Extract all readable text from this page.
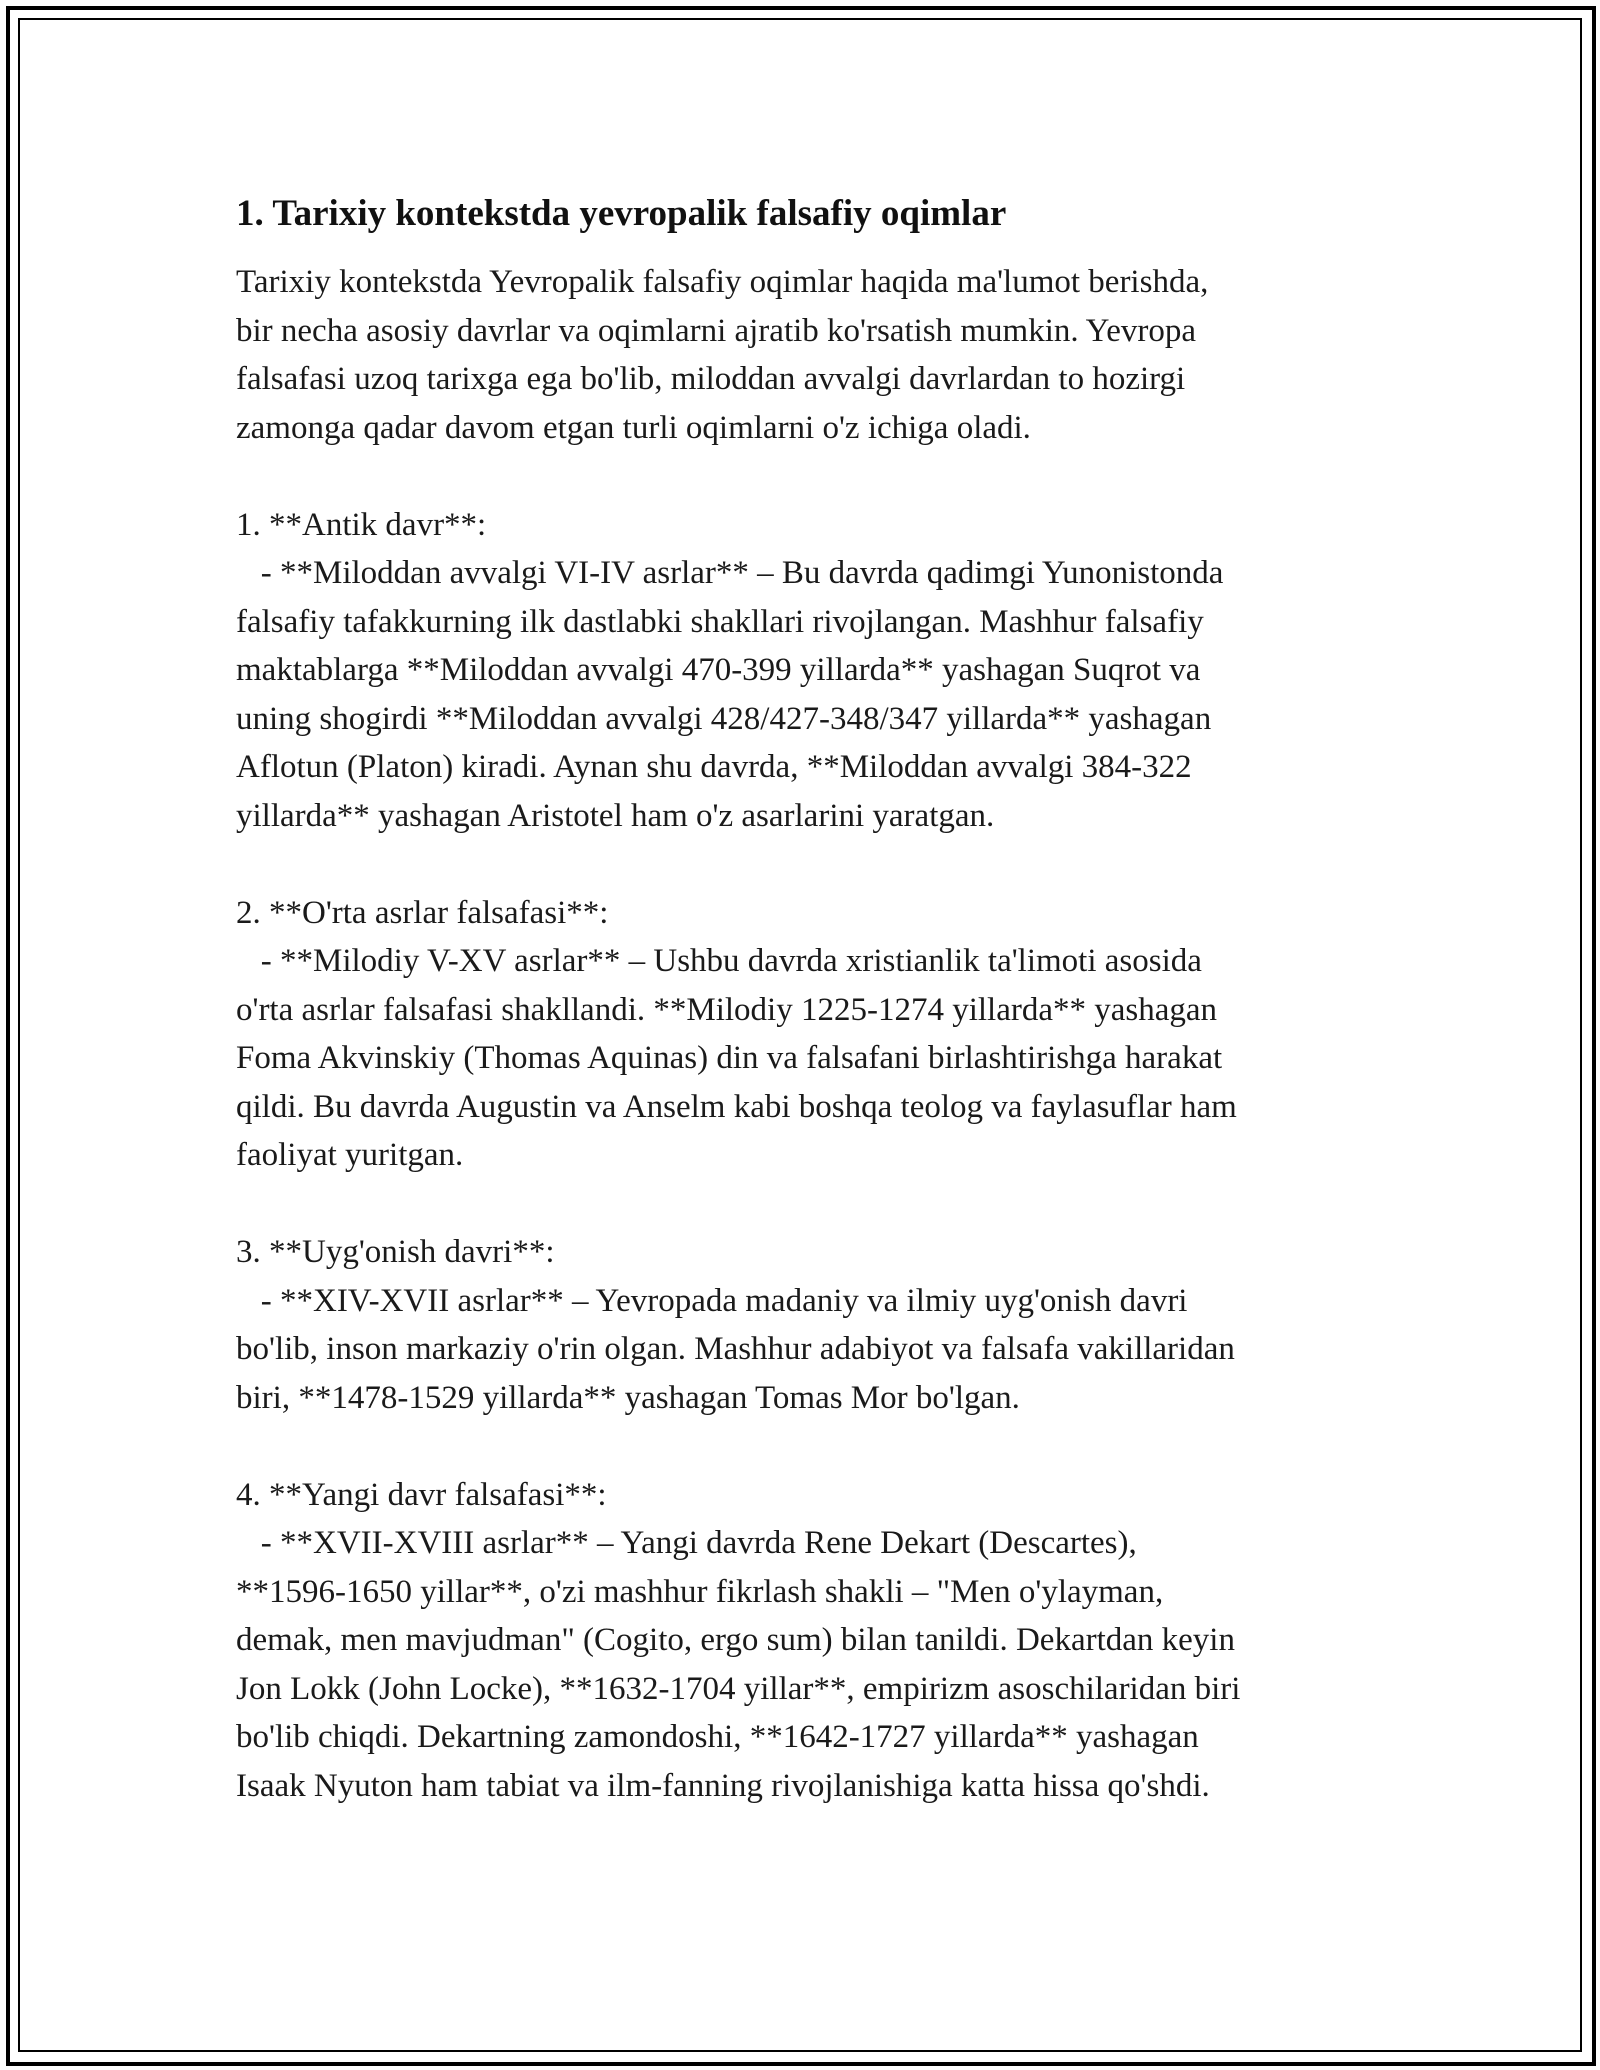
1. Tarixiy kontekstda yevropalik falsafiy oqimlar
Tarixiy kontekstda Yevropalik falsafiy oqimlar haqida ma'lumot berishda,
bir necha asosiy davrlar va oqimlarni ajratib ko'rsatish mumkin. Yevropa
falsafasi uzoq tarixga ega bo'lib, miloddan avvalgi davrlardan to hozirgi
zamonga qadar davom etgan turli oqimlarni o'z ichiga oladi.
1. **Antik davr**:
- **Miloddan avvalgi VI-IV asrlar** – Bu davrda qadimgi Yunonistonda
falsafiy tafakkurning ilk dastlabki shakllari rivojlangan. Mashhur falsafiy
maktablarga **Miloddan avvalgi 470-399 yillarda** yashagan Suqrot va
uning shogirdi **Miloddan avvalgi 428/427-348/347 yillarda** yashagan
Aflotun (Platon) kiradi. Aynan shu davrda, **Miloddan avvalgi 384-322
yillarda** yashagan Aristotel ham o'z asarlarini yaratgan.
2. **O'rta asrlar falsafasi**:
- **Milodiy V-XV asrlar** – Ushbu davrda xristianlik ta'limoti asosida
o'rta asrlar falsafasi shakllandi. **Milodiy 1225-1274 yillarda** yashagan
Foma Akvinskiy (Thomas Aquinas) din va falsafani birlashtirishga harakat
qildi. Bu davrda Augustin va Anselm kabi boshqa teolog va faylasuflar ham
faoliyat yuritgan.
3. **Uyg'onish davri**:
- **XIV-XVII asrlar** – Yevropada madaniy va ilmiy uyg'onish davri
bo'lib, inson markaziy o'rin olgan. Mashhur adabiyot va falsafa vakillaridan
biri, **1478-1529 yillarda** yashagan Tomas Mor bo'lgan.
4. **Yangi davr falsafasi**:
- **XVII-XVIII asrlar** – Yangi davrda Rene Dekart (Descartes),
**1596-1650 yillar**, o'zi mashhur fikrlash shakli – "Men o'ylayman,
demak, men mavjudman" (Cogito, ergo sum) bilan tanildi. Dekartdan keyin
Jon Lokk (John Locke), **1632-1704 yillar**, empirizm asoschilaridan biri
bo'lib chiqdi. Dekartning zamondoshi, **1642-1727 yillarda** yashagan
Isaak Nyuton ham tabiat va ilm-fanning rivojlanishiga katta hissa qo'shdi.
